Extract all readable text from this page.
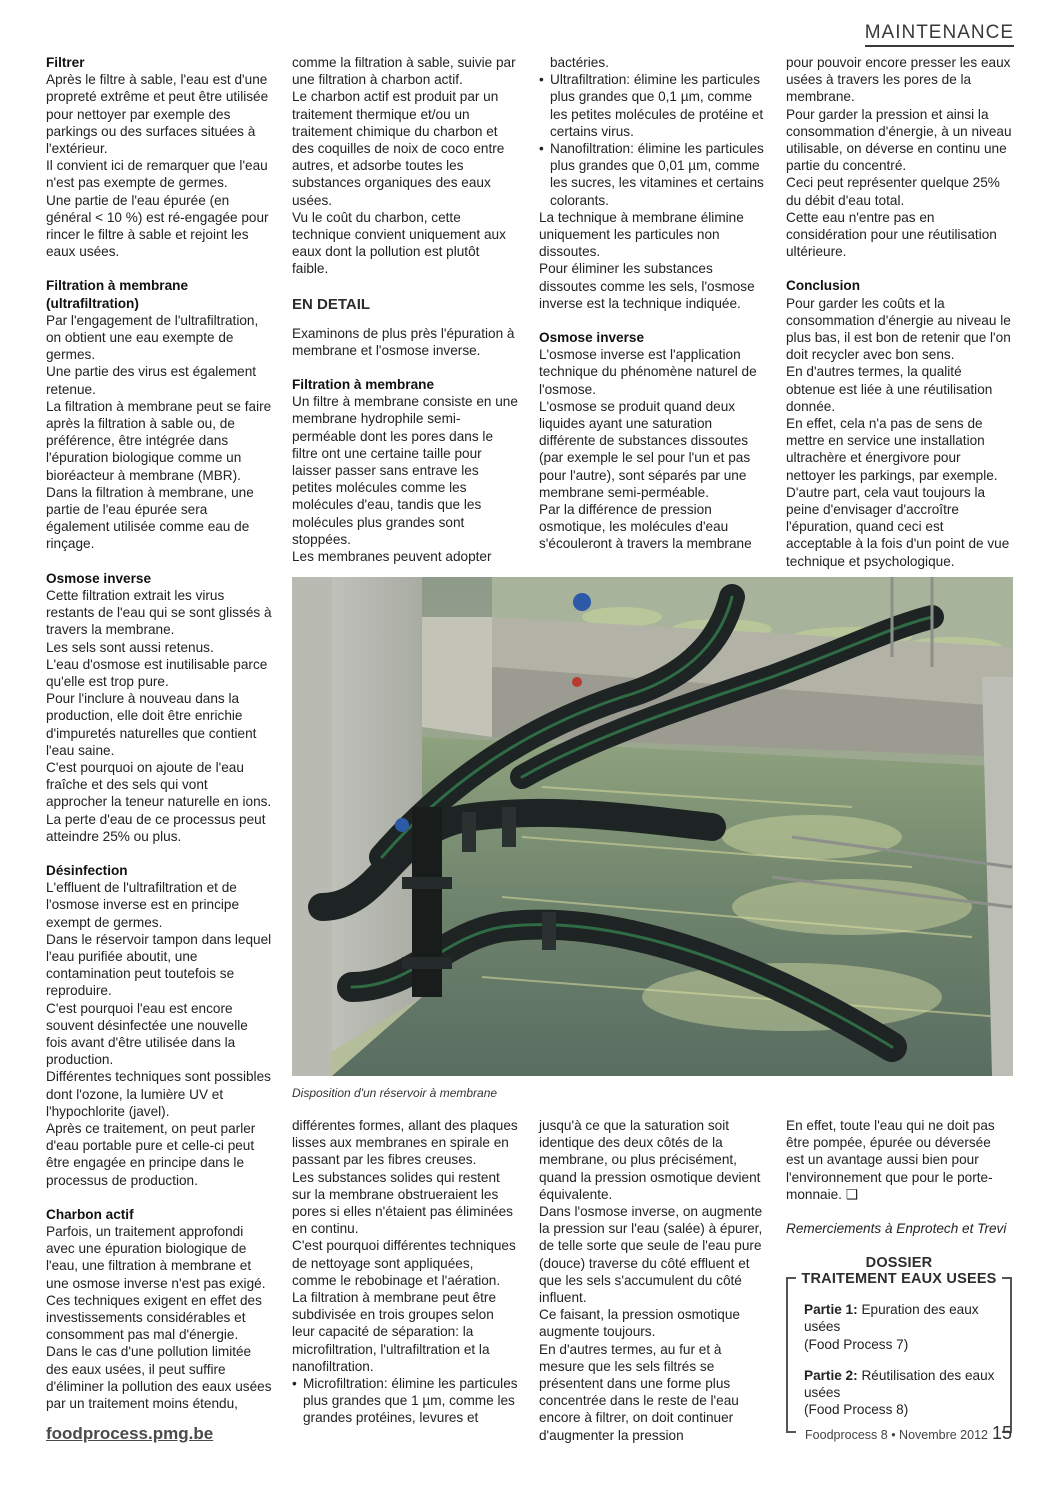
MAINTENANCE
Filtrer

Après le filtre à sable, l'eau est d'une propreté extrême et peut être utilisée pour nettoyer par exemple des parkings ou des surfaces situées à l'extérieur.

Il convient ici de remarquer que l'eau n'est pas exempte de germes.

Une partie de l'eau épurée (en général < 10 %) est ré-engagée pour rincer le filtre à sable et rejoint les eaux usées.

Filtration à membrane (ultrafiltration)

Par l'engagement de l'ultrafiltration, on obtient une eau exempte de germes.

Une partie des virus est également retenue.

La filtration à membrane peut se faire après la filtration à sable ou, de préférence, être intégrée dans l'épuration biologique comme un bioréacteur à membrane (MBR).

Dans la filtration à membrane, une partie de l'eau épurée sera également utilisée comme eau de rinçage.

Osmose inverse

Cette filtration extrait les virus restants de l'eau qui se sont glissés à travers la membrane.

Les sels sont aussi retenus.

L'eau d'osmose est inutilisable parce qu'elle est trop pure.

Pour l'inclure à nouveau dans la production, elle doit être enrichie d'impuretés naturelles que contient l'eau saine.

C'est pourquoi on ajoute de l'eau fraîche et des sels qui vont approcher la teneur naturelle en ions.

La perte d'eau de ce processus peut atteindre 25% ou plus.

Désinfection

L'effluent de l'ultrafiltration et de l'osmose inverse est en principe exempt de germes.

Dans le réservoir tampon dans lequel l'eau purifiée aboutit, une contamination peut toutefois se reproduire.

C'est pourquoi l'eau est encore souvent désinfectée une nouvelle fois avant d'être utilisée dans la production.

Différentes techniques sont possibles dont l'ozone, la lumière UV et l'hypochlorite (javel).

Après ce traitement, on peut parler d'eau portable pure et celle-ci peut être engagée en principe dans le processus de production.

Charbon actif

Parfois, un traitement approfondi avec une épuration biologique de l'eau, une filtration à membrane et une osmose inverse n'est pas exigé.

Ces techniques exigent en effet des investissements considérables et consomment pas mal d'énergie.

Dans le cas d'une pollution limitée des eaux usées, il peut suffire d'éliminer la pollution des eaux usées par un traitement moins étendu,

comme la filtration à sable, suivie par une filtration à charbon actif.

Le charbon actif est produit par un traitement thermique et/ou un traitement chimique du charbon et des coquilles de noix de coco entre autres, et adsorbe toutes les substances organiques des eaux usées.

Vu le coût du charbon, cette technique convient uniquement aux eaux dont la pollution est plutôt faible.

EN DETAIL

Examinons de plus près l'épuration à membrane et l'osmose inverse.

Filtration à membrane

Un filtre à membrane consiste en une membrane hydrophile semi-perméable dont les pores dans le filtre ont une certaine taille pour laisser passer sans entrave les petites molécules comme les molécules d'eau, tandis que les molécules plus grandes sont stoppées.

Les membranes peuvent adopter

bactéries.

• Ultrafiltration: élimine les particules plus grandes que 0,1 µm, comme les petites molécules de protéine et certains virus.
• Nanofiltration: élimine les particules plus grandes que 0,01 µm, comme les sucres, les vitamines et certains colorants.

La technique à membrane élimine uniquement les particules non dissoutes.

Pour éliminer les substances dissoutes comme les sels, l'osmose inverse est la technique indiquée.

Osmose inverse

L'osmose inverse est l'application technique du phénomène naturel de l'osmose.

L'osmose se produit quand deux liquides ayant une saturation différente de substances dissoutes (par exemple le sel pour l'un et pas pour l'autre), sont séparés par une membrane semi-perméable.

Par la différence de pression osmotique, les molécules d'eau s'écouleront à travers la membrane

pour pouvoir encore presser les eaux usées à travers les pores de la membrane.

Pour garder la pression et ainsi la consommation d'énergie, à un niveau utilisable, on déverse en continu une partie du concentré.

Ceci peut représenter quelque 25% du débit d'eau total.

Cette eau n'entre pas en considération pour une réutilisation ultérieure.

Conclusion

Pour garder les coûts et la consommation d'énergie au niveau le plus bas, il est bon de retenir que l'on doit recycler avec bon sens.

En d'autres termes, la qualité obtenue est liée à une réutilisation donnée.

En effet, cela n'a pas de sens de mettre en service une installation ultrachère et énergivore pour nettoyer les parkings, par exemple.

D'autre part, cela vaut toujours la peine d'envisager d'accroître l'épuration, quand ceci est acceptable à la fois d'un point de vue technique et psychologique.

Disposition d'un réservoir à membrane

différentes formes, allant des plaques lisses aux membranes en spirale en passant par les fibres creuses.

Les substances solides qui restent sur la membrane obstrueraient les pores si elles n'étaient pas éliminées en continu.

C'est pourquoi différentes techniques de nettoyage sont appliquées, comme le rebobinage et l'aération.

La filtration à membrane peut être subdivisée en trois groupes selon leur capacité de séparation: la microfiltration, l'ultrafiltration et la nanofiltration.

• Microfiltration: élimine les particules plus grandes que 1 µm, comme les grandes protéines, levures et

jusqu'à ce que la saturation soit identique des deux côtés de la membrane, ou plus précisément, quand la pression osmotique devient équivalente.

Dans l'osmose inverse, on augmente la pression sur l'eau (salée) à épurer, de telle sorte que seule de l'eau pure (douce) traverse du côté effluent et que les sels s'accumulent du côté influent.

Ce faisant, la pression osmotique augmente toujours.

En d'autres termes, au fur et à mesure que les sels filtrés se présentent dans une forme plus concentrée dans le reste de l'eau encore à filtrer, on doit continuer d'augmenter la pression

En effet, toute l'eau qui ne doit pas être pompée, épurée ou déversée est un avantage aussi bien pour l'environnement que pour le porte-monnaie. ❑

Remerciements à Enprotech et Trevi

DOSSIER
TRAITEMENT EAUX USEES
Partie 1: Epuration des eaux usées
(Food Process 7)
Partie 2: Réutilisation des eaux usées
(Food Process 8)
foodprocess.pmg.be	Foodprocess 8 • Novembre 2012 15
